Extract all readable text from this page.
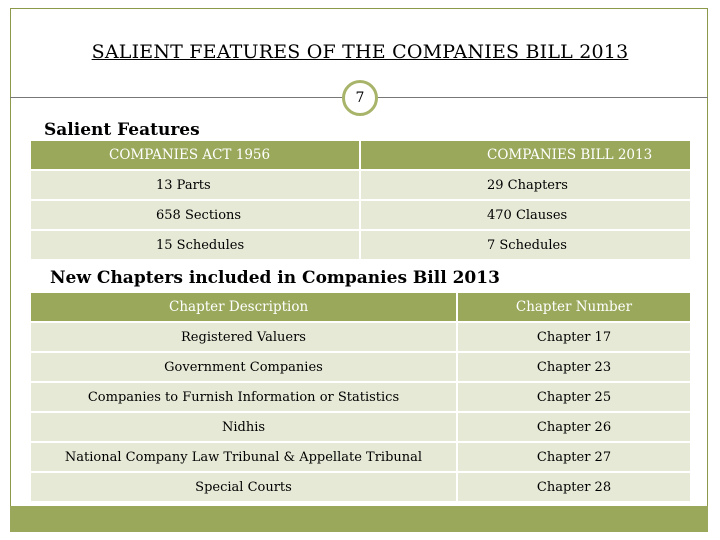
SALIENT FEATURES OF THE COMPANIES BILL 2013
7
Salient Features
COMPANIES ACT 1956	COMPANIES BILL 2013
13 Parts	29 Chapters
658 Sections	470 Clauses
15 Schedules	7 Schedules
New Chapters included in Companies Bill 2013
Chapter Description	Chapter Number
Registered Valuers	Chapter 17
Government Companies	Chapter 23
Companies to Furnish Information or Statistics	Chapter 25
Nidhis	Chapter 26
National Company Law Tribunal & Appellate Tribunal	Chapter 27
Special Courts	Chapter 28
